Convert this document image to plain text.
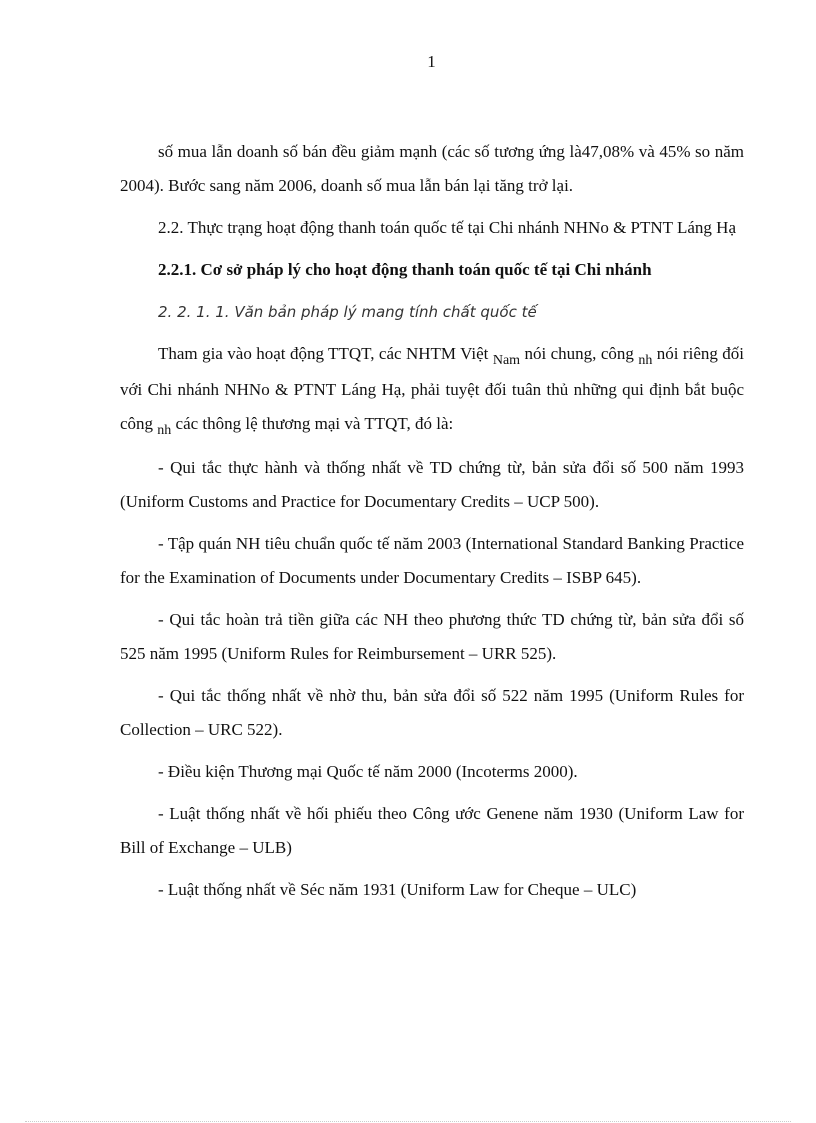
1

số mua lẫn doanh số bán đều giảm mạnh (các số tương ứng là47,08% và 45% so năm 2004). Bước sang năm 2006, doanh số mua lẫn bán lại tăng trở lại.

2.2. Thực trạng hoạt động thanh toán quốc tế tại Chi nhánh NHNo & PTNT Láng Hạ

2.2.1. Cơ sở pháp lý cho hoạt động thanh toán quốc tế tại Chi nhánh

2. 2. 1. 1. Văn bản pháp lý mang tính chất quốc tế

Tham gia vào hoạt động TTQT, các NHTM Việt $_{Nam}$ nói chung, công $_{nh}$ nói riêng đối với Chi nhánh NHNo & PTNT Láng Hạ, phải tuyệt đối tuân thủ những qui định bắt buộc công $_{nh}$ các thông lệ thương mại và TTQT, đó là:

- Qui tắc thực hành và thống nhất về TD chứng từ, bản sửa đổi số 500 năm 1993 (Uniform Customs and Practice for Documentary Credits – UCP 500).

- Tập quán NH tiêu chuẩn quốc tế năm 2003 (International Standard Banking Practice for the Examination of Documents under Documentary Credits – ISBP 645).

- Qui tắc hoàn trả tiền giữa các NH theo phương thức TD chứng từ, bản sửa đổi số 525 năm 1995 (Uniform Rules for Reimbursement – URR 525).

- Qui tắc thống nhất về nhờ thu, bản sửa đổi số 522 năm 1995 (Uniform Rules for Collection – URC 522).

- Điều kiện Thương mại Quốc tế năm 2000 (Incoterms 2000).

- Luật thống nhất về hối phiếu theo Công ước Genene năm 1930 (Uniform Law for Bill of Exchange – ULB)

- Luật thống nhất về Séc năm 1931 (Uniform Law for Cheque – ULC)
